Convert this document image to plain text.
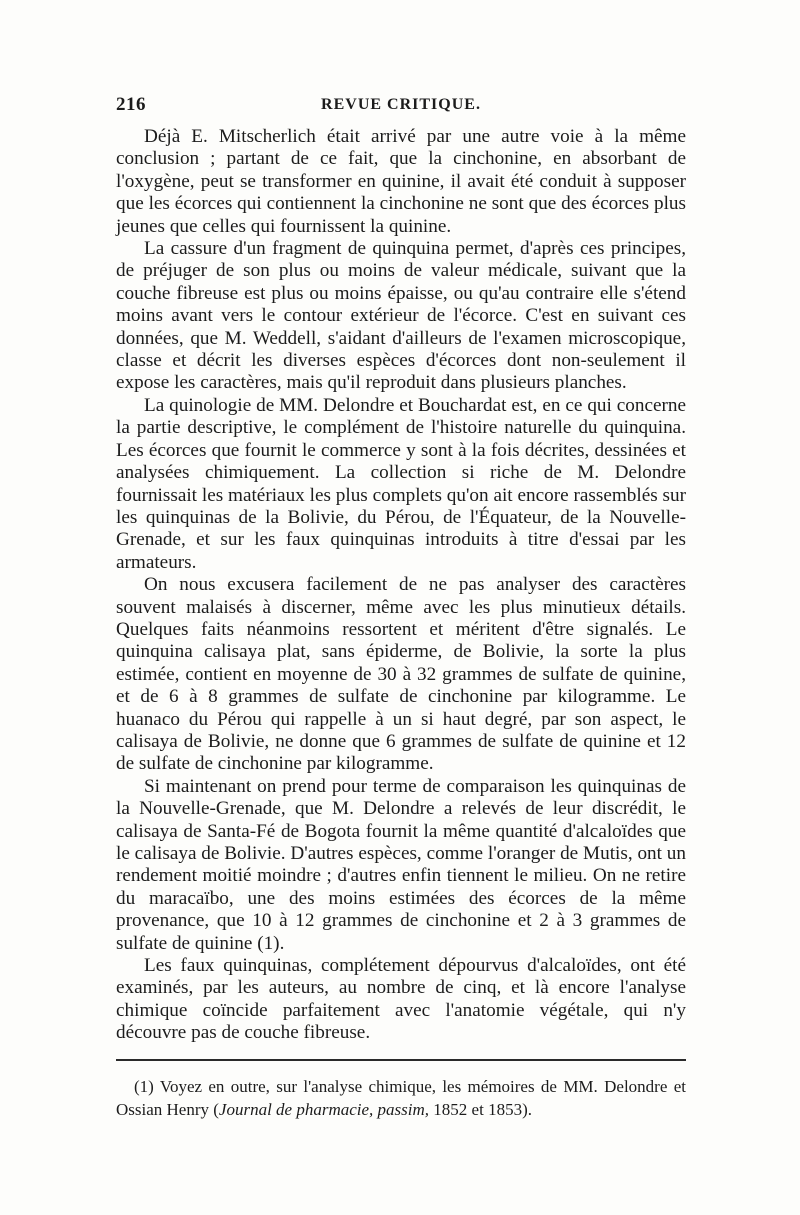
216	REVUE CRITIQUE.

Déjà E. Mitscherlich était arrivé par une autre voie à la même conclusion ; partant de ce fait, que la cinchonine, en absorbant de l'oxygène, peut se transformer en quinine, il avait été conduit à supposer que les écorces qui contiennent la cinchonine ne sont que des écorces plus jeunes que celles qui fournissent la quinine.

La cassure d'un fragment de quinquina permet, d'après ces principes, de préjuger de son plus ou moins de valeur médicale, suivant que la couche fibreuse est plus ou moins épaisse, ou qu'au contraire elle s'étend moins avant vers le contour extérieur de l'écorce. C'est en suivant ces données, que M. Weddell, s'aidant d'ailleurs de l'examen microscopique, classe et décrit les diverses espèces d'écorces dont non-seulement il expose les caractères, mais qu'il reproduit dans plusieurs planches.

La quinologie de MM. Delondre et Bouchardat est, en ce qui concerne la partie descriptive, le complément de l'histoire naturelle du quinquina. Les écorces que fournit le commerce y sont à la fois décrites, dessinées et analysées chimiquement. La collection si riche de M. Delondre fournissait les matériaux les plus complets qu'on ait encore rassemblés sur les quinquinas de la Bolivie, du Pérou, de l'Équateur, de la Nouvelle-Grenade, et sur les faux quinquinas introduits à titre d'essai par les armateurs.

On nous excusera facilement de ne pas analyser des caractères souvent malaisés à discerner, même avec les plus minutieux détails. Quelques faits néanmoins ressortent et méritent d'être signalés. Le quinquina calisaya plat, sans épiderme, de Bolivie, la sorte la plus estimée, contient en moyenne de 30 à 32 grammes de sulfate de quinine, et de 6 à 8 grammes de sulfate de cinchonine par kilogramme. Le huanaco du Pérou qui rappelle à un si haut degré, par son aspect, le calisaya de Bolivie, ne donne que 6 grammes de sulfate de quinine et 12 de sulfate de cinchonine par kilogramme.

Si maintenant on prend pour terme de comparaison les quinquinas de la Nouvelle-Grenade, que M. Delondre a relevés de leur discrédit, le calisaya de Santa-Fé de Bogota fournit la même quantité d'alcaloïdes que le calisaya de Bolivie. D'autres espèces, comme l'oranger de Mutis, ont un rendement moitié moindre ; d'autres enfin tiennent le milieu. On ne retire du maracaïbo, une des moins estimées des écorces de la même provenance, que 10 à 12 grammes de cinchonine et 2 à 3 grammes de sulfate de quinine (1).

Les faux quinquinas, complétement dépourvus d'alcaloïdes, ont été examinés, par les auteurs, au nombre de cinq, et là encore l'analyse chimique coïncide parfaitement avec l'anatomie végétale, qui n'y découvre pas de couche fibreuse.

(1) Voyez en outre, sur l'analyse chimique, les mémoires de MM. Delondre et Ossian Henry (Journal de pharmacie, passim, 1852 et 1853).
